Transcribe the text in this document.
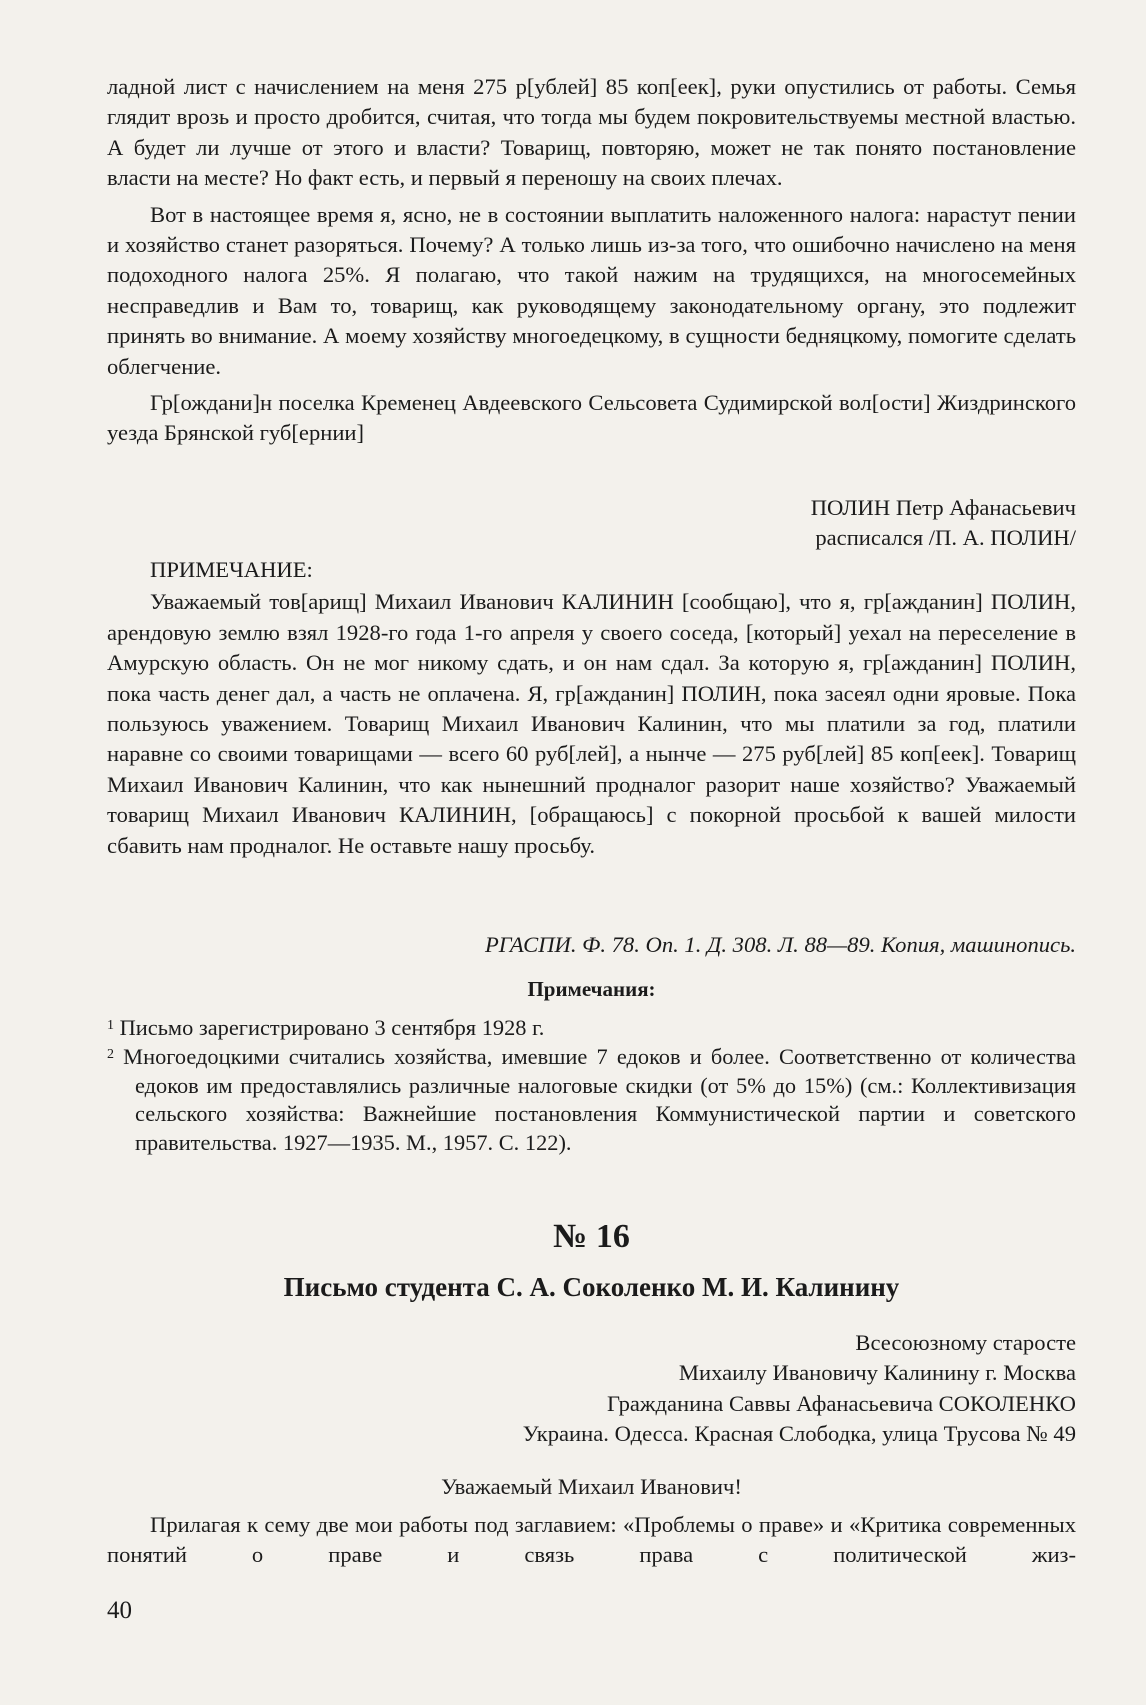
ладной лист с начислением на меня 275 р[ублей] 85 коп[еек], руки опустились от работы. Семья глядит врозь и просто дробится, считая, что тогда мы будем покровительствуемы местной властью. А будет ли лучше от этого и власти? Товарищ, повторяю, может не так понято постановление власти на месте? Но факт есть, и первый я переношу на своих плечах.

Вот в настоящее время я, ясно, не в состоянии выплатить наложенного налога: нарастут пении и хозяйство станет разоряться. Почему? А только лишь из-за того, что ошибочно начислено на меня подоходного налога 25%. Я полагаю, что такой нажим на трудящихся, на многосемейных несправедлив и Вам то, товарищ, как руководящему законодательному органу, это подлежит принять во внимание. А моему хозяйству многоедецкому, в сущности бедняцкому, помогите сделать облегчение.

Гр[ождани]н поселка Кременец Авдеевского Сельсовета Судимирской вол[ости] Жиздринского уезда Брянской губ[ернии]

ПОЛИН Петр Афанасьевич

расписался /П. А. ПОЛИН/

ПРИМЕЧАНИЕ:

Уважаемый тов[арищ] Михаил Иванович КАЛИНИН [сообщаю], что я, гр[ажданин] ПОЛИН, арендовую землю взял 1928-го года 1-го апреля у своего соседа, [который] уехал на переселение в Амурскую область. Он не мог никому сдать, и он нам сдал. За которую я, гр[ажданин] ПОЛИН, пока часть денег дал, а часть не оплачена. Я, гр[ажданин] ПОЛИН, пока засеял одни яровые. Пока пользуюсь уважением. Товарищ Михаил Иванович Калинин, что мы платили за год, платили наравне со своими товарищами — всего 60 руб[лей], а нынче — 275 руб[лей] 85 коп[еек]. Товарищ Михаил Иванович Калинин, что как нынешний продналог разорит наше хозяйство? Уважаемый товарищ Михаил Иванович КАЛИНИН, [обращаюсь] с покорной просьбой к вашей милости сбавить нам продналог. Не оставьте нашу просьбу.

РГАСПИ. Ф. 78. Оп. 1. Д. 308. Л. 88—89. Копия, машинопись.

Примечания:

$^1$ Письмо зарегистрировано 3 сентября 1928 г.

$^2$ Многоедоцкими считались хозяйства, имевшие 7 едоков и более. Соответственно от количества едоков им предоставлялись различные налоговые скидки (от 5% до 15%) (см.: Коллективизация сельского хозяйства: Важнейшие постановления Коммунистической партии и советского правительства. 1927—1935. М., 1957. С. 122).

№ 16

Письмо студента С. А. Соколенко М. И. Калинину

Всесоюзному старосте

Михаилу Ивановичу Калинину г. Москва

Гражданина Саввы Афанасьевича СОКОЛЕНКО

Украина. Одесса. Красная Слободка, улица Трусова № 49

Уважаемый Михаил Иванович!

Прилагая к сему две мои работы под заглавием: «Проблемы о праве» и «Критика современных понятий о праве и связь права с политической жиз-

40
